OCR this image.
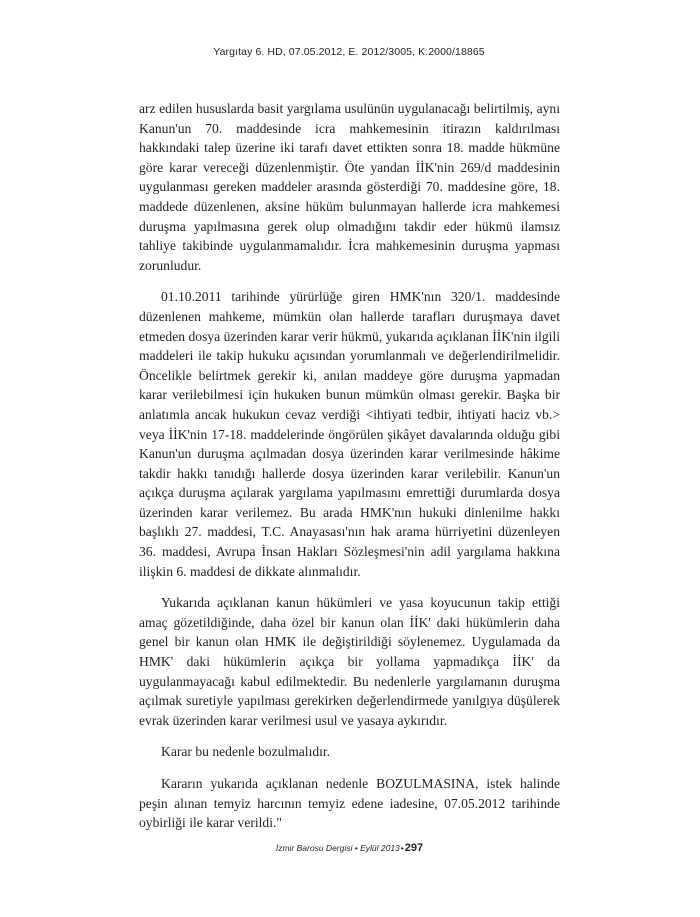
Yargıtay 6. HD, 07.05.2012, E. 2012/3005, K.2000/18865

arz edilen hususlarda basit yargılama usulünün uygulanacağı belirtilmiş, aynı Kanun'un 70. maddesinde icra mahkemesinin itirazın kaldırılması hakkındaki talep üzerine iki tarafı davet ettikten sonra 18. madde hükmüne göre karar vereceği düzenlenmiştir. Öte yandan İİK'nin 269/d maddesinin uygulanması gereken maddeler arasında gösterdiği 70. maddesine göre, 18. maddede düzenlenen, aksine hüküm bulunmayan hallerde icra mahkemesi duruşma yapılmasına gerek olup olmadığını takdir eder hükmü ilamsız tahliye takibinde uygulanmamalıdır. İcra mahkemesinin duruşma yapması zorunludur.

01.10.2011 tarihinde yürürlüğe giren HMK'nın 320/1. maddesinde düzenlenen mahkeme, mümkün olan hallerde tarafları duruşmaya davet etmeden dosya üzerinden karar verir hükmü, yukarıda açıklanan İİK'nin ilgili maddeleri ile takip hukuku açısından yorumlanmalı ve değerlendirilmelidir. Öncelikle belirtmek gerekir ki, anılan maddeye göre duruşma yapmadan karar verilebilmesi için hukuken bunun mümkün olması gerekir. Başka bir anlatımla ancak hukukun cevaz verdiği <ihtiyati tedbir, ihtiyati haciz vb.> veya İİK'nin 17-18. maddelerinde öngörülen şikâyet davalarında olduğu gibi Kanun'un duruşma açılmadan dosya üzerinden karar verilmesinde hâkime takdir hakkı tanıdığı hallerde dosya üzerinden karar verilebilir. Kanun'un açıkça duruşma açılarak yargılama yapılmasını emrettiği durumlarda dosya üzerinden karar verilemez. Bu arada HMK'nın hukuki dinlenilme hakkı başlıklı 27. maddesi, T.C. Anayasası'nın hak arama hürriyetini düzenleyen 36. maddesi, Avrupa İnsan Hakları Sözleşmesi'nin adil yargılama hakkına ilişkin 6. maddesi de dikkate alınmalıdır.

Yukarıda açıklanan kanun hükümleri ve yasa koyucunun takip ettiği amaç gözetildiğinde, daha özel bir kanun olan İİK' daki hükümlerin daha genel bir kanun olan HMK ile değiştirildiği söylenemez. Uygulamada da HMK' daki hükümlerin açıkça bir yollama yapmadıkça İİK' da uygulanmayacağı kabul edilmektedir. Bu nedenlerle yargılamanın duruşma açılmak suretiyle yapılması gerekirken değerlendirmede yanılgıya düşülerek evrak üzerinden karar verilmesi usul ve yasaya aykırıdır.

Karar bu nedenle bozulmalıdır.

Kararın yukarıda açıklanan nedenle BOZULMASINA, istek halinde peşin alınan temyiz harcının temyiz edene iadesine, 07.05.2012 tarihinde oybirliği ile karar verildi."

İzmir Barosu Dergisi • Eylül 2013•297
